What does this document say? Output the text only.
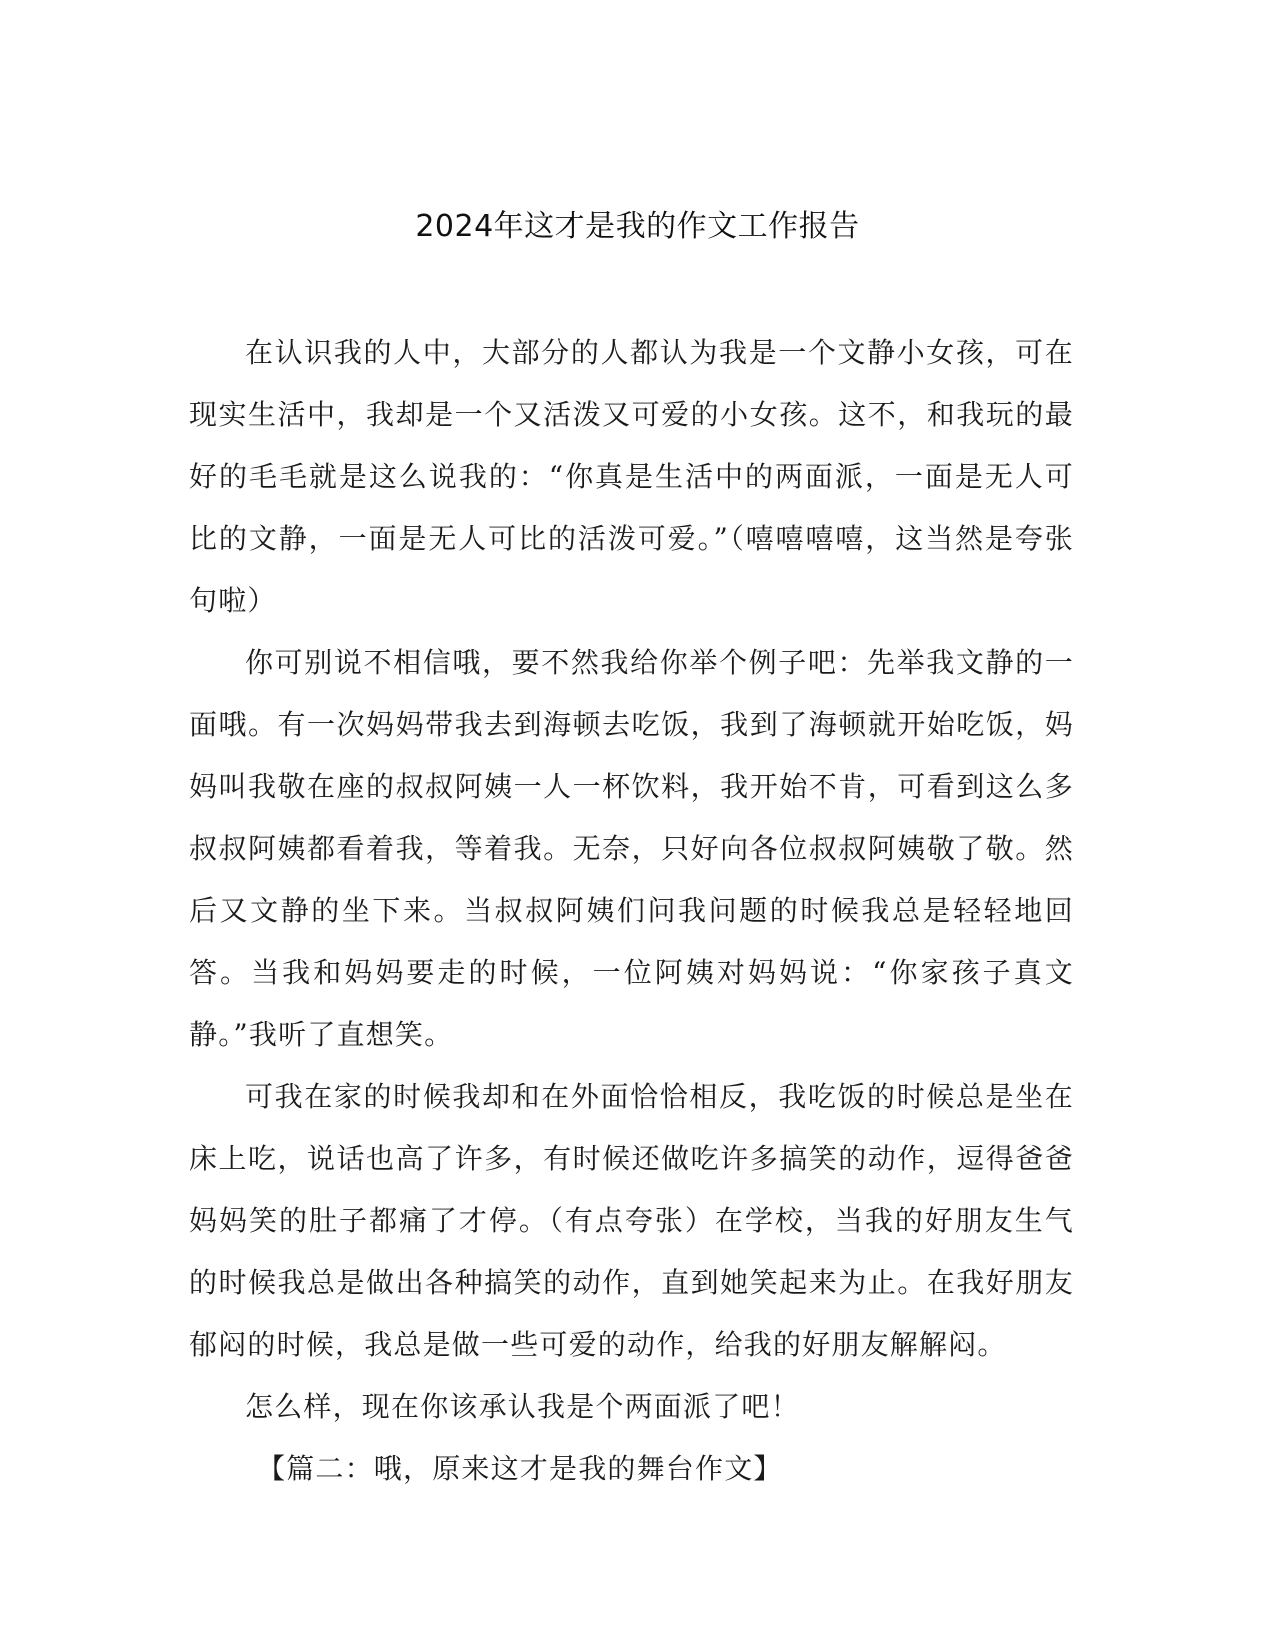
2024年这才是我的作文工作报告

在认识我的人中，大部分的人都认为我是一个文静小女孩，可在现实生活中，我却是一个又活泼又可爱的小女孩。这不，和我玩的最好的毛毛就是这么说我的：“你真是生活中的两面派，一面是无人可比的文静，一面是无人可比的活泼可爱。”（嘻嘻嘻嘻，这当然是夸张句啦）

你可别说不相信哦，要不然我给你举个例子吧：先举我文静的一面哦。有一次妈妈带我去到海顿去吃饭，我到了海顿就开始吃饭，妈妈叫我敬在座的叔叔阿姨一人一杯饮料，我开始不肯，可看到这么多叔叔阿姨都看着我，等着我。无奈，只好向各位叔叔阿姨敬了敬。然后又文静的坐下来。当叔叔阿姨们问我问题的时候我总是轻轻地回答。当我和妈妈要走的时候，一位阿姨对妈妈说：“你家孩子真文静。”我听了直想笑。

可我在家的时候我却和在外面恰恰相反，我吃饭的时候总是坐在床上吃，说话也高了许多，有时候还做吃许多搞笑的动作，逗得爸爸妈妈笑的肚子都痛了才停。（有点夸张）在学校，当我的好朋友生气的时候我总是做出各种搞笑的动作，直到她笑起来为止。在我好朋友郁闷的时候，我总是做一些可爱的动作，给我的好朋友解解闷。

怎么样，现在你该承认我是个两面派了吧！

【篇二：哦，原来这才是我的舞台作文】
